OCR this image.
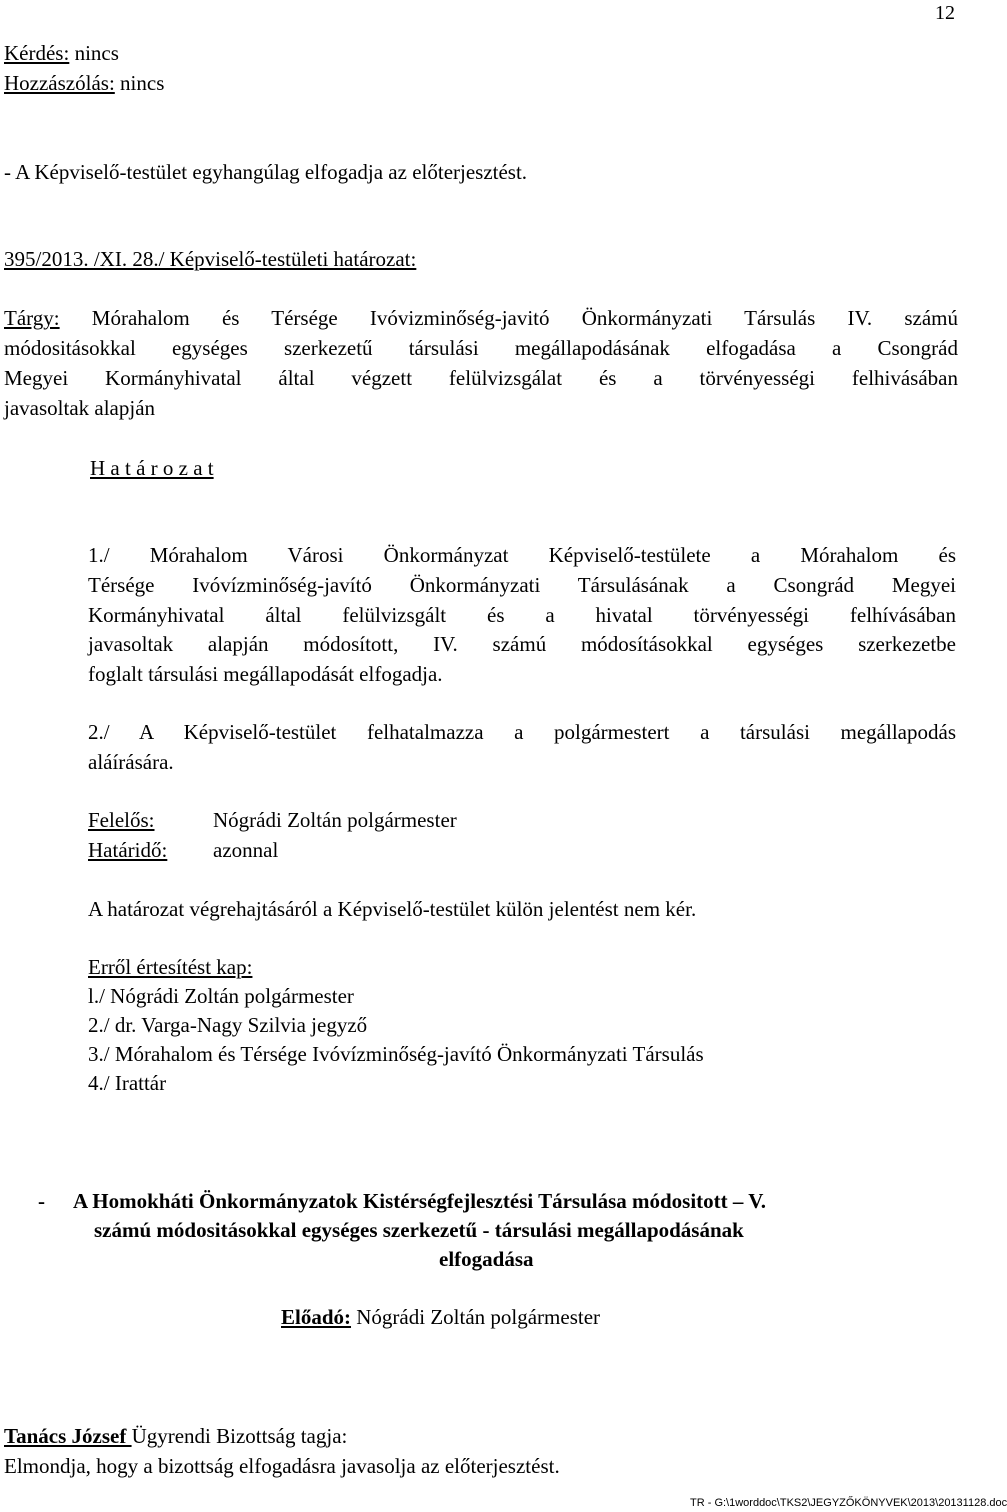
12
Kérdés: nincs
Hozzászólás: nincs
- A Képviselő-testület egyhangúlag elfogadja az előterjesztést.
395/2013. /XI. 28./ Képviselő-testületi határozat:
Tárgy: Mórahalom és Térsége Ivóvizminőség-javitó Önkormányzati Társulás IV. számú
módositásokkal egységes szerkezetű társulási megállapodásának elfogadása a Csongrád
Megyei Kormányhivatal által végzett felülvizsgálat és a törvényességi felhivásában
javasoltak alapján
H a t á r o z a t
1./ Mórahalom Városi Önkormányzat Képviselő-testülete a Mórahalom és
Térsége Ivóvízminőség-javító Önkormányzati Társulásának a Csongrád Megyei
Kormányhivatal által felülvizsgált és a hivatal törvényességi felhívásában
javasoltak alapján módosított, IV. számú módosításokkal egységes szerkezetbe
foglalt társulási megállapodását elfogadja.
2./ A Képviselő-testület felhatalmazza a polgármestert a társulási megállapodás
aláírására.
Felelős:	Nógrádi Zoltán polgármester
Határidő: azonnal
A határozat végrehajtásáról a Képviselő-testület külön jelentést nem kér.
Erről értesítést kap:
l./ Nógrádi Zoltán polgármester
2./ dr. Varga-Nagy Szilvia jegyző
3./ Mórahalom és Térsége Ivóvízminőség-javító Önkormányzati Társulás
4./ Irattár
- A Homokháti Önkormányzatok Kistérségfejlesztési Társulása módositott – V.
számú módositásokkal egységes szerkezetű - társulási megállapodásának
elfogadása
Előadó: Nógrádi Zoltán polgármester
Tanács József Ügyrendi Bizottság tagja:
Elmondja, hogy a bizottság elfogadásra javasolja az előterjesztést.
TR - G:\1worddoc\TKS2\JEGYZŐKÖNYVEK\2013\20131128.doc
